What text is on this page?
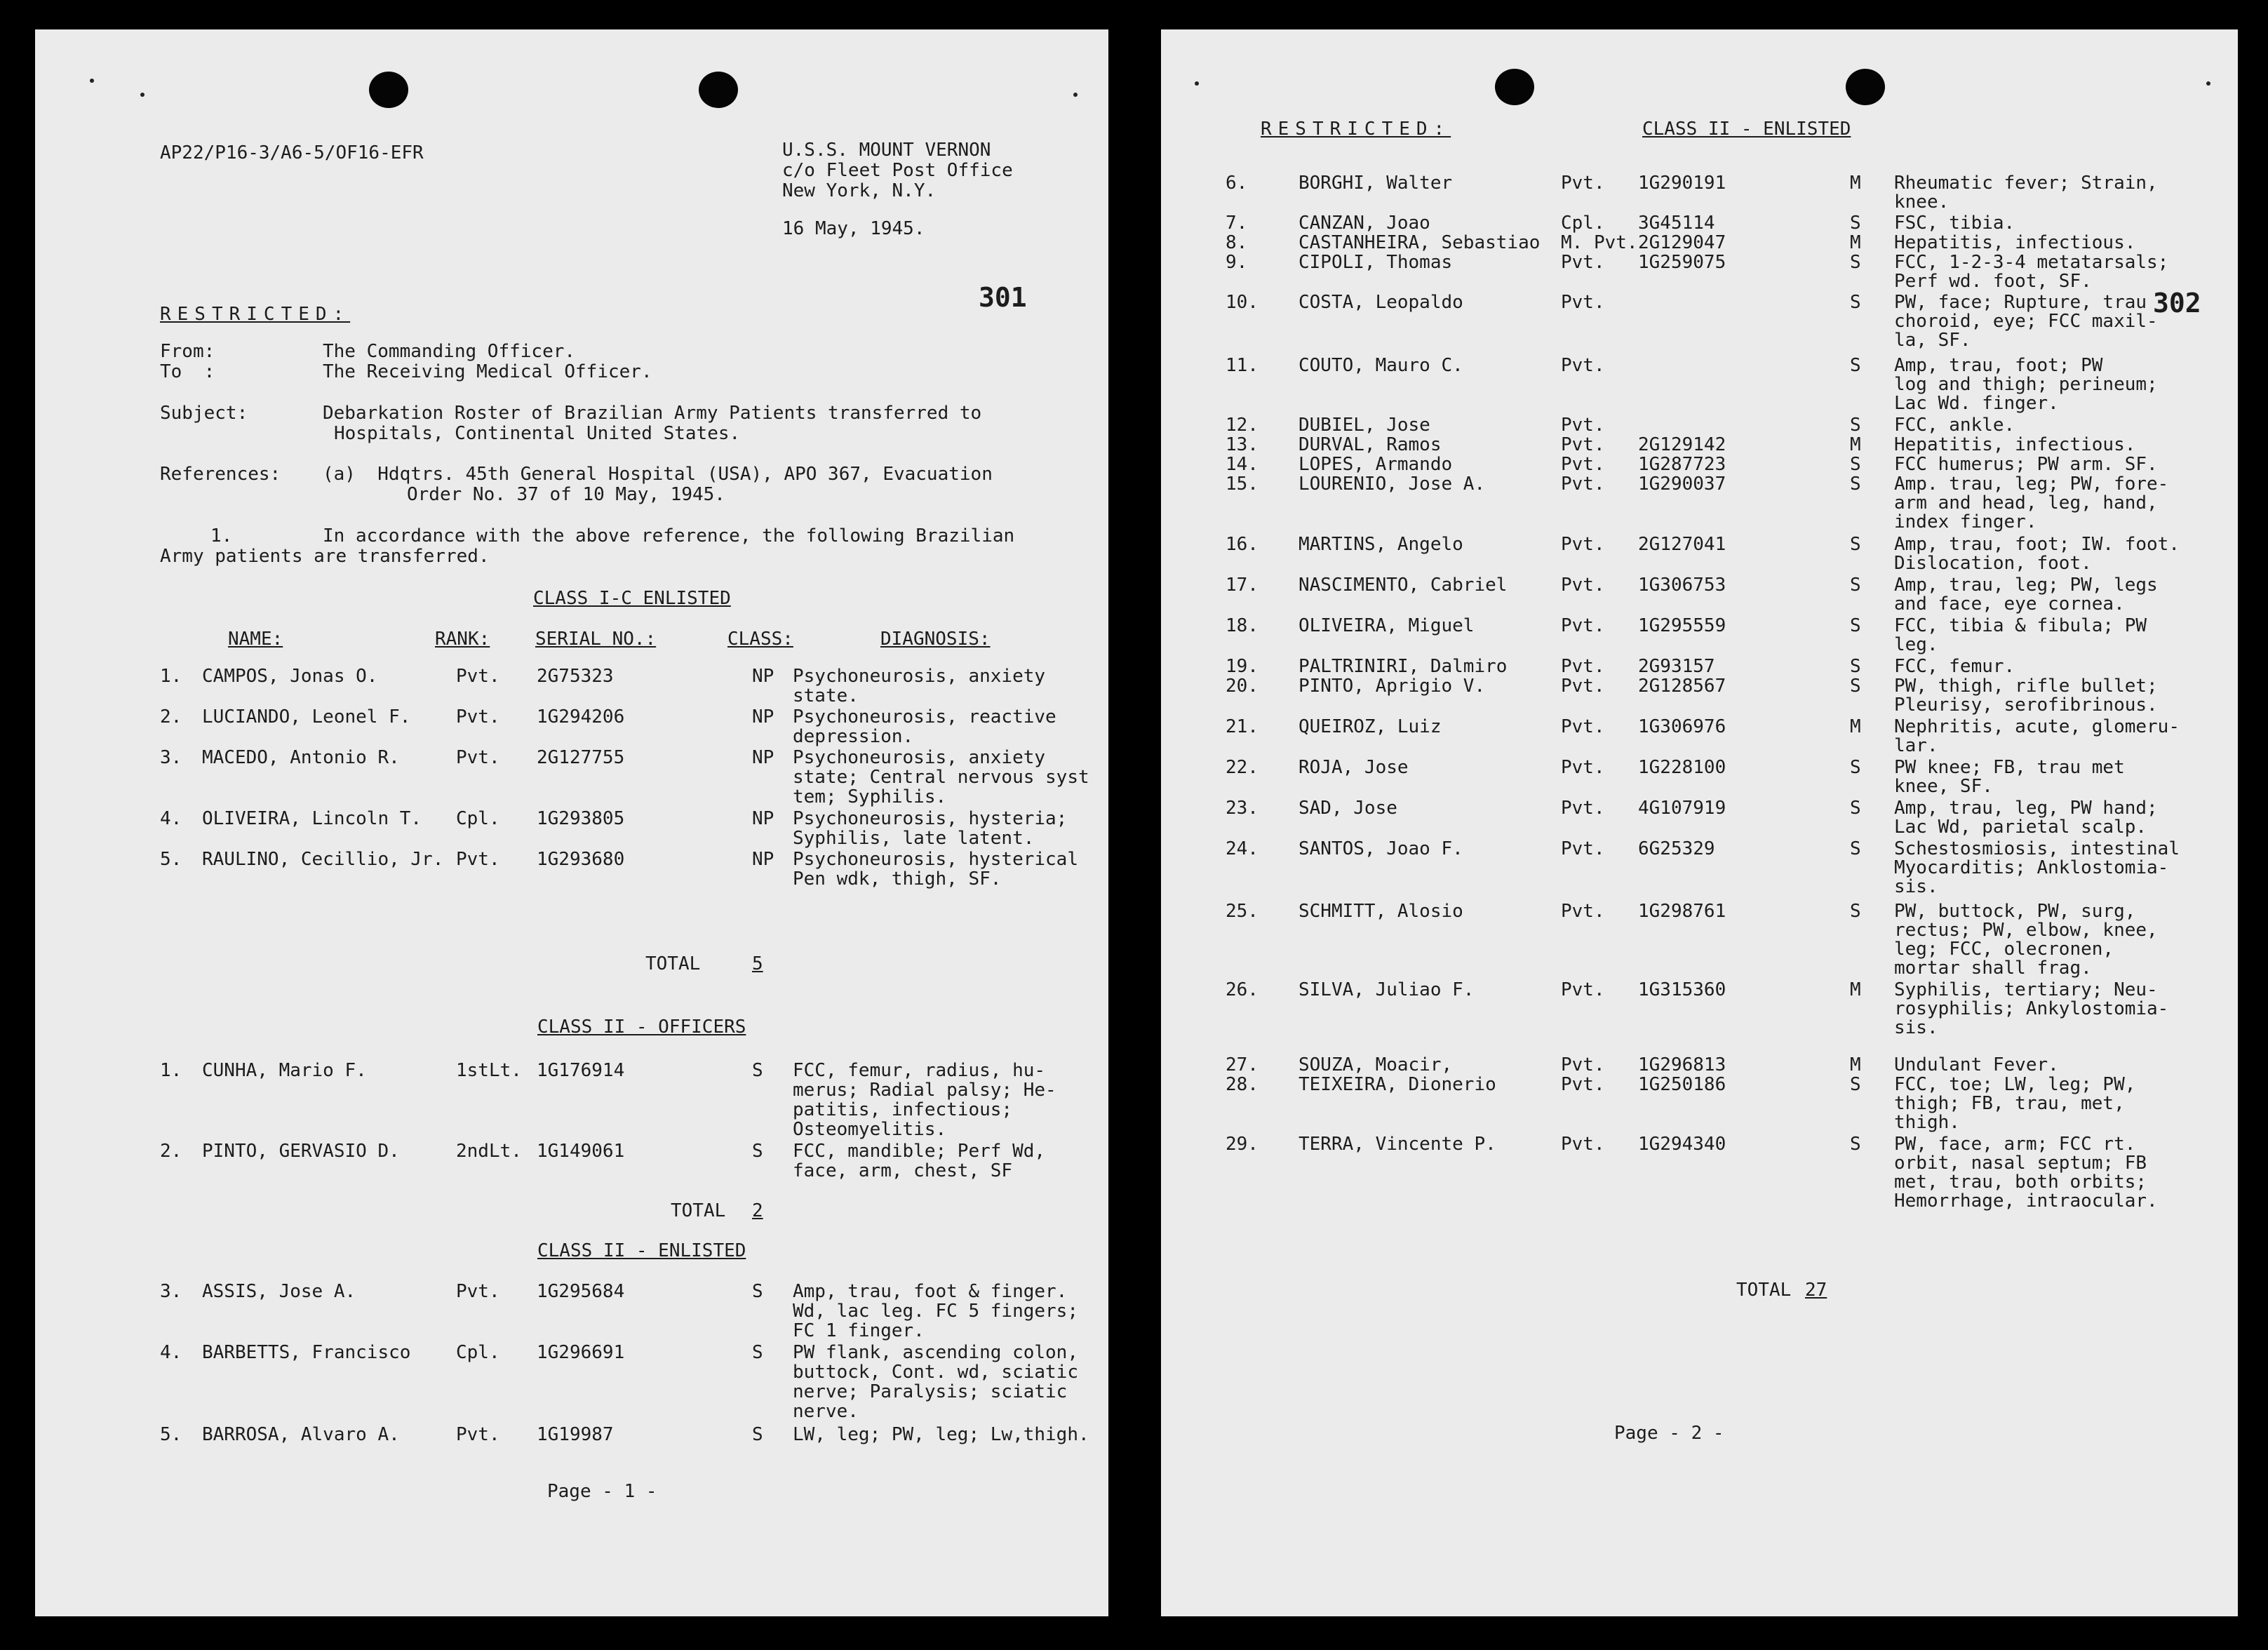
AP22/P16-3/A6-5/OF16-EFR	U.S.S. MOUNT VERNON
c/o Fleet Post Office
New York, N.Y.
16 May, 1945.
RESTRICTED:
301
From:	The Commanding Officer.
To  :	The Receiving Medical Officer.
Subject:	Debarkation Roster of Brazilian Army Patients transferred to
Hospitals, Continental United States.
References: (a)  Hdqtrs. 45th General Hospital (USA), APO 367, Evacuation
Order No. 37 of 10 May, 1945.
1.	In accordance with the above reference, the following Brazilian
Army patients are transferred.
CLASS I-C ENLISTED
NAME:	RANK: SERIAL NO.:	CLASS:	DIAGNOSIS:
1. CAMPOS, Jonas O.	Pvt. 2G75323	NP Psychoneurosis, anxiety
state.
2. LUCIANDO, Leonel F. Pvt. 1G294206	NP Psychoneurosis, reactive
depression.
3. MACEDO, Antonio R.	Pvt. 2G127755	NP Psychoneurosis, anxiety
state; Central nervous syst
tem; Syphilis.
4. OLIVEIRA, Lincoln T. Cpl. 1G293805	NP Psychoneurosis, hysteria;
Syphilis, late latent.
5. RAULINO, Cecillio, Jr. Pvt. 1G293680	NP Psychoneurosis, hysterical
Pen wdk, thigh, SF.
TOTAL	5
CLASS II - OFFICERS
1. CUNHA, Mario F.	1stLt. 1G176914	S FCC, femur, radius, hu-
merus; Radial palsy; He-
patitis, infectious;
Osteomyelitis.
2. PINTO, GERVASIO D.	2ndLt. 1G149061	S FCC, mandible; Perf Wd,
face, arm, chest, SF
TOTAL 2
CLASS II - ENLISTED
3. ASSIS, Jose A.	Pvt. 1G295684	S Amp, trau, foot & finger.
Wd, lac leg. FC 5 fingers;
FC 1 finger.
4. BARBETTS, Francisco Cpl. 1G296691	S PW flank, ascending colon,
buttock, Cont. wd, sciatic
nerve; Paralysis; sciatic
nerve.
5. BARROSA, Alvaro A.	Pvt. 1G19987	S LW, leg; PW, leg; Lw,thigh.
Page - 1 -
RESTRICTED:	CLASS II - ENLISTED
302
6.	BORGHI, Walter	Pvt. 1G290191	M Rheumatic fever; Strain,
knee.
7.	CANZAN, Joao	Cpl. 3G45114	S FSC, tibia.
8.	CASTANHEIRA, Sebastiao M. Pvt. 2G129047	M Hepatitis, infectious.
9.	CIPOLI, Thomas	Pvt. 1G259075	S FCC, 1-2-3-4 metatarsals;
Perf wd. foot, SF.
10. COSTA, Leopaldo	Pvt.	S PW, face; Rupture, trau
choroid, eye; FCC maxil-
la, SF.
11. COUTO, Mauro C.	Pvt.	S Amp, trau, foot; PW
log and thigh; perineum;
Lac Wd. finger.
12. DUBIEL, Jose	Pvt.	S FCC, ankle.
13. DURVAL, Ramos	Pvt. 2G129142	M Hepatitis, infectious.
14. LOPES, Armando	Pvt. 1G287723	S FCC humerus; PW arm. SF.
15. LOURENIO, Jose A.	Pvt. 1G290037	S Amp. trau, leg; PW, fore-
arm and head, leg, hand,
index finger.
16. MARTINS, Angelo	Pvt. 2G127041	S Amp, trau, foot; IW. foot.
Dislocation, foot.
17. NASCIMENTO, Cabriel	Pvt. 1G306753	S Amp, trau, leg; PW, legs
and face, eye cornea.
18. OLIVEIRA, Miguel	Pvt. 1G295559	S FCC, tibia & fibula; PW
leg.
19. PALTRINIRI, Dalmiro	Pvt. 2G93157	S FCC, femur.
20. PINTO, Aprigio V.	Pvt. 2G128567	S PW, thigh, rifle bullet;
Pleurisy, serofibrinous.
21. QUEIROZ, Luiz	Pvt. 1G306976	M Nephritis, acute, glomeru-
lar.
22. ROJA, Jose	Pvt. 1G228100	S PW knee; FB, trau met
knee, SF.
23. SAD, Jose	Pvt. 4G107919	S Amp, trau, leg, PW hand;
Lac Wd, parietal scalp.
24. SANTOS, Joao F.	Pvt. 6G25329	S Schestosmiosis, intestinal
Myocarditis; Anklostomia-
sis.
25. SCHMITT, Alosio	Pvt. 1G298761	S PW, buttock, PW, surg,
rectus; PW, elbow, knee,
leg; FCC, olecronen,
mortar shall frag.
26. SILVA, Juliao F.	Pvt. 1G315360	M Syphilis, tertiary; Neu-
rosyphilis; Ankylostomia-
sis.
27. SOUZA, Moacir,	Pvt. 1G296813	M Undulant Fever.
28. TEIXEIRA, Dionerio	Pvt. 1G250186	S FCC, toe; LW, leg; PW,
thigh; FB, trau, met,
thigh.
29. TERRA, Vincente P.	Pvt. 1G294340	S PW, face, arm; FCC rt.
orbit, nasal septum; FB
met, trau, both orbits;
Hemorrhage, intraocular.
TOTAL 27
Page - 2 -
